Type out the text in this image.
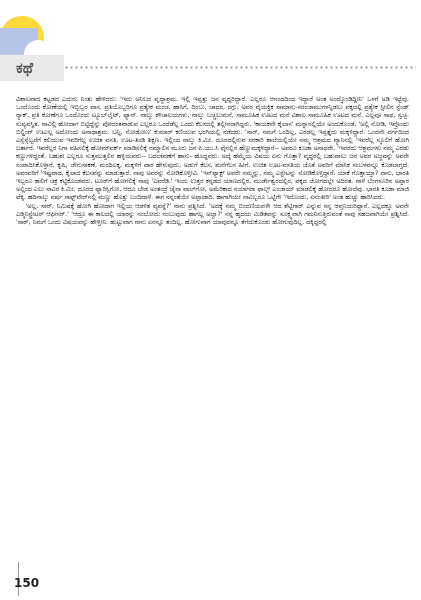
ಕಥೆ

ವಿಶಾಲವಾದ ಕಟ್ಟಡದ ಎದುರು ನಿಂತು ಹೇಳಿದರು: 'ಇದು ಅನಿಲದ ವೃದ್ಧಾಶ್ರಮ. ಇಲ್ಲಿ ಇಪ್ಪತ್ತು ಜನ ವೃದ್ಧರಿದ್ದಾರೆ. ಎಲ್ಲರೂ ಆನಂದದಿಂದ ಇದ್ದಾರೆ ಅಂತ ಅಂದ್ಕೊಂಡಿದ್ದೀನಿ' ಒಳಗೆ ಅಡಿ ಇಟ್ಟೆವು. ಒಂದೊಂದು ಕೋಣೆಯಲ್ಲಿ ಇಬ್ಬಿಬ್ಬರ ವಾಸ. ಪ್ರತಿಯೊಬ್ಬರಿಗೂ ಪ್ರತ್ಯೇಕ ಮಂಚ, ಹಾಸಿಗೆ, ದಿಂಬು, ಚಾದರ, ರಗ್ಗು. ಅವರ ವೈಯಕ್ತಿಕ ಸಾಮಾನು-ಸರಂಜಾಮುಗಳನ್ನಿಡಲು ಪಕ್ಕದಲ್ಲಿ ಪ್ರತ್ಯೇಕ ಸ್ಟೀಲಿನ ಸ್ಟೆಂಡ್ ರ್‍ಯಾಕ್. ಪ್ರತಿ ಕೋಣೆಗೂ ಒಂದೊಂದು ಟ್ಯೂಬ್‌ಲೈಟ್, ಫ್ಯಾನ್. ನಾಲ್ಕು ಶೌಚಾಲಯಗಳು, ನಾಲ್ಕು ಬಚ್ಚಲುಮನೆ, ಸಾಮೂಹಿಕ ಊಟದ ಮನೆ ವಿಶಾಲ ಸಾಮೂಹಿಕ ಊಟದ ಮನೆ. ಎಲ್ಲವೂ ಸಾಫ, ಸ್ವಚ್ಛ. ಸುವ್ಯವಸ್ಥಿತ. ನಾವಿಲ್ಲಿ ಹೋದಾಗ ಬಿಟ್ಟಿದ್ದೆನ್ನು ಪೋದಂತವಾಡುವ ಎಲ್ಲರೂ ಒಂದೆಡೆಲ್ಲ ಒಂದು ಕೆಲಸದಲ್ಲಿ ತಲ್ಲೀನರಾಗಿದ್ದರು. 'ಕಾಯಕವೇ ಕೈಲಾಸ' ಮನ್ನಾನಲ್ಲಿಯೇ ಅಂದುಕೊಂಡೆ, 'ಅಲ್ಲಿ ನೋಡಿ, ಇವ್ರೊಂದು ಬಿಲ್ಡಿಂಗ್ ಉಟುಲ್ಲ ಅದೋಂದು ಅನಾಥಾಶ್ರಮ. ಬನ್ನಿ, ನೋಡೋಣ' ಕುಮಾರ್ ಕಣಿಯುವ ಭಂಗಿಯಲ್ಲಿ ನಡೆದರು. 'ಸಾರ್, ನಮಗೆ ಒಂದಿಲ್ಲ, ಎರಡಲ್ಲ ಇಪ್ಪತ್ತೈದು ಮಕ್ಕಳಿದ್ದಾರೆ. ಒಂದನೇ ವರ್ಗದಿಂದ ಎಸ್ಸೆಸ್ಸೆಲ್ವರೆಗೆ ಕಲಿಯುವ ಇವರಿಗೆಲ್ಲ ಉಚಿತ ವಸತಿ, ಊಟ-ತಿಂಡಿ ಶಿಕ್ಷಣ. ಇಲ್ಲಿಂದ ನಾಲ್ಕು ಕಿ.ಮೀ. ದೂರದಲ್ಲಿರುವ ಸರಕಾರಿ ಶಾಲೆಯಲ್ಲಿಯೇ ನಮ್ಮ ಆಶ್ರಮದ ವ್ಯಾನಿನಲ್ಲಿ 'ಇವರೆಲ್ಲ ಸ್ಕೂಲಿಗೆ ಹೋಗಿ ಬರ್ತಾರೆ. ಇವರೆಲ್ಲರ ನಿಗಾ ವಹಿಸಲಿಕ್ಕೆ ಹೋಮ್‌ವರ್ಕ್ ಮಾಡಿಸಲಿಕ್ಕೆ ನಮ್ಮಾಲಿನ ಮೂರು ಜನ ಪಿ.ಯು.ಸಿ ಫೈನಲ್ಲಿನ ಹೆಣ್ಣುಮಕ್ಕಳಿದ್ದಾರೆ-- ಅವರೂ ಕೂಡಾ ಅನಾಥರೇ. 'ಇವರದು ಆಶ್ರಮಗಳು ನಮ್ಮ ಎರಡು ಕಣ್ಣುಗಳಿದ್ದಂತೆ. ಬಹುಶಃ ಎಲ್ಲರೂ ಸುತ್ತಮುತ್ತಲಿನ ಹಳ್ಳಿಯವರು-- ಬದಲಾವಣೆಗೆ ಹಾಸು- ಹೊದ್ದವರು. ಅದ್ಕೆ ಹೆಮ್ಮೆಯ ವಿಷಯ ಏನು ಗೊತ್ತಾ? ವೃದ್ಧರಲ್ಲಿ ಬಹುಪಾಲು ಜನ ಅವರ ಅಜ್ಜವನ್ನು ಅವರೇ ಸಂಪಾದಿಸಿಕೊಳ್ತಾರೆ. ಕೃಷಿ, ಜೇನುಸಾಕಣೆ, ಮಂದಿಲಕ್ಕ, ಮಕ್ಕಳಿಗೆ ಪಾಠ ಹೇಳುವುದು, ಅಡುಗೆ ಕೆಲಸ, ಮನೆಗೆಲಸ ಹೀಗೆ. ಉಚಿತ ಊಟ-ವಸತಿಯ ಜೊತೆ ಅವರಿಗೆ ಮಾಸಿಕ ಸಂಬಳವನ್ನೂ ಕೊಡಲಾಗ್ತದೆ. ಅವರವರಿಗೆ 'ಇಷ್ಟವಾದ, ಕೈಲಾದ ಕೆಲಸವನ್ನು ಮಾಡುತ್ತಾರೆ. ನಾವು ಅವರನ್ನು ನೋಡಿಕೊಳ್ತೀವಿ. 'ಇನ್‌ಫ್ಯಾಕ್ಟ್ ಅವರೇ ನಮ್ಮನ್ನು, ನಮ್ಮ ಎಸ್ಟೇಟನ್ನು ನೋಡಿಕೊಳ್ತಿದ್ದಾರೆ. ಯಾಕೆ ಗೊತ್ತಾಯ್ತಾ? ನಾನು, ಭಾರತಿ ಇಬ್ಬರೂ ಕಾಲಿಗೆ ಚಕ್ರ ಕಟ್ಟಿಕೊಂಡವರು. ಟೂರ್‌ಗೆ ಹೋಗಲಿಕ್ಕೆ ನಾವು 'ಎವರೆಡಿ.' ಇಂದು ಉತ್ತರ ಕನ್ನಡದ ಯಾಣದಲ್ಲಿರ, ಮುರ್ಡೇಶ್ವರದಲ್ಲಿರ, ಪಕ್ಕದ ಜೋಗದಲ್ಲೇ ಅದಿರತ. ನಾಳೆ ಬೆಂಗಳೂರಿನ ಅಪ್ಪಾರ ಅಲ್ಲಿಂದ ಎಲು ಸಾವಿರ ಕಿ.ಮೀ. ದೂರದ ಫ್ಯಾರಿಸ್ಸಿಗೋ, ಆದೂ ಬೇಡ ಅಂತಂದ್ರೆ ಚೈನಾ ವಾಲ್‌ಗೋ, ಅಮೆರಿಕಾದ ನಯಾಗರಾ ಫಾಲ್ಸ್ ಎಂಜಾಯ್ ಮಾಡಲಿಕ್ಕೆ ಹೋದರೂ ಹೋದೆವು. ಭಾರತಿ ಕೂಡಾ ಮಾಜಿ ಟೆಕ್ಕಿ. ಹದಿನಾಲ್ಕು ವರ್ಷ ಸಾಫ್ಟ್‌ವೇರ್‌ನಲ್ಲಿ ಮಣ್ಣು ಹೊತ್ತು ಬಂದಿದಾಳೆ. ಈಗ ನನ್ನಂತೆಯೇ ಅವ್ಪಾಟಾದಿ. ಹಾಗಾಗಿಯೇ ನಾವಿಬ್ಬರೂ ಒಟ್ಟಿಗೇ 'ಇದೊಂದು, ಏನಂತೀರಿ' ಅಂತ ಹುಚ್ಚು ಹಾರಿಸಿದರು.

'ಅಲ್ಲ, ಸಾರ್, ನಿಮಿಷಕ್ಕೆ ಹೋಗಿ ಹೋದಾಗ ಇಲ್ಲಿಯ ಆಡಳಿತ ವ್ಯವಸ್ಥೆ?' ನಾನು ಪ್ರಶ್ನಿಸಿದೆ. 'ಅದಕ್ಕೆ ನಮ್ಮ ಬಿಂದಣಿಯವಳೇ ಆದ ಶೆಟ್ಟಿಗಾರ್ ಎನ್ನುವ ನನ್ನ ಆಪ್ತನಿಯರಿದ್ದಾನೆ. ಎಲ್ಲದಕ್ಕೂ ಅವನೇ ಎಡ್ಮಿನಿಸ್ಟ್ರೇಟರ್ ಆಫೀಸರ್.' 'ಆದ್ರೂ ಈ ಕಾಲದಲ್ಲಿ ಯಾರನ್ನು ನಂಬೋದು ನಂಬುವುದು ಹಾಗಲ್ಲ ಅಲ್ವಾ?' ನನ್ನ ಹೃದಯ ಮಿಡಿತವನ್ನು ಸೂಕ್ಷ್ಮವಾಗಿ ಗಮನಿಸುತ್ತಿರುವಂತೆ ನಾವು ಸಹಜವಾಗಿಯೇ ಪ್ರಶ್ನಿಸಿದೆ. 'ಸಾರ್, ನಿಮಗೆ ಒಂದು ವಿಷಯವನ್ನು ಹೇಳ್ತೀನಿ. ಹುಟ್ಟುವಾಗ ನಾನು ಏನನ್ನೂ ತಂದಿಲ್ಲ. ಹೋಗುವಾಗ ಯಾವುದನ್ನೂ ತೆಗೆದುಕೊಂಡು ಹೋಗುವುದಿಲ್ಲ. ದಕ್ಕಿದ್ದರಲ್ಲಿ

150
